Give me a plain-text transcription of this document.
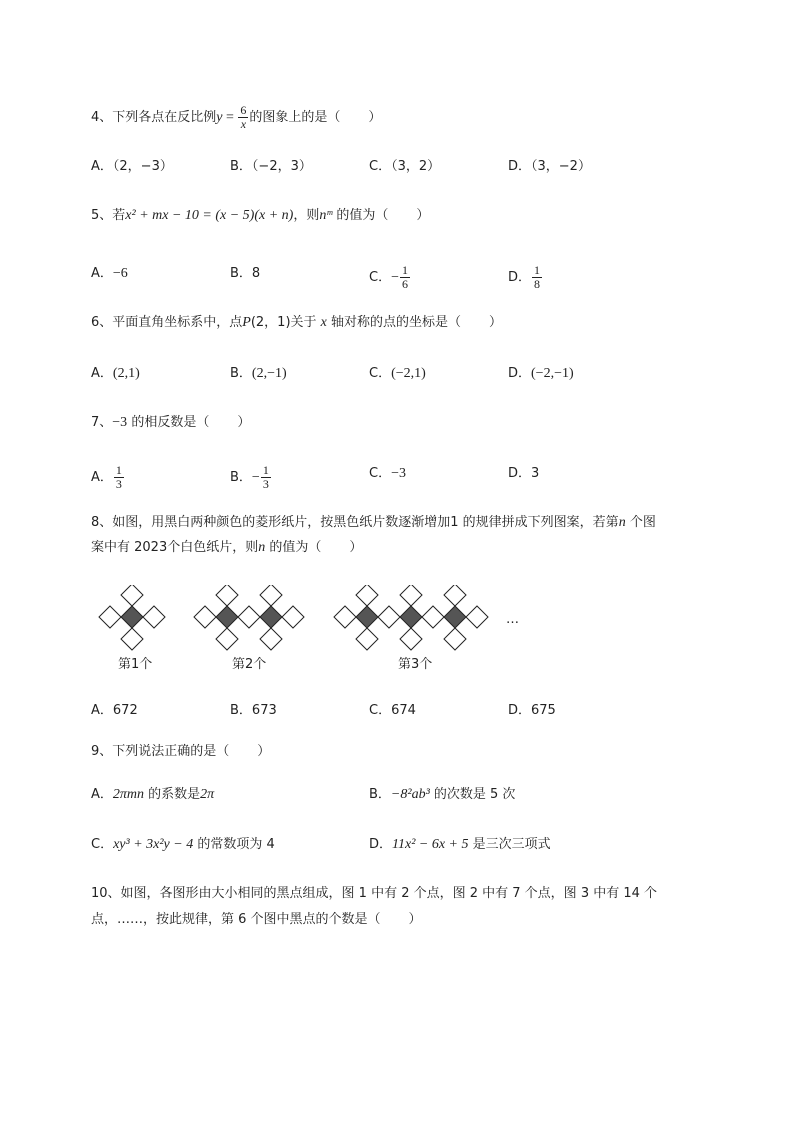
4、下列各点在反比例$y = \frac{6}{x}$ 的图象上的是（ ）
A．（2，−3）	B．（−2，3）	C．（3，2）	D．（3，−2）
5、若x² + mx − 10 = (x − 5)(x + n)，则nᵐ 的值为（ ）
A．−6	B．8	C．− $\frac{1}{6}$	D． $\frac{1}{8}$
6、平面直角坐标系中，点P(2，1)关于 x 轴对称的点的坐标是（ ）
A．(2,1)	B．(2,−1)	C．(−2,1)	D．(−2,−1)
7、−3 的相反数是（ ）
A． $\frac{1}{3}$	B．− $\frac{1}{3}$	C．−3	D．3
8、如图，用黑白两种颜色的菱形纸片，按黑色纸片数逐渐增加1 的规律拼成下列图案，若第n 个图
案中有 2023个白色纸片，则n 的值为（ ）
第1个	第2个	第3个
…
A．672	B．673	C．674	D．675
9、下列说法正确的是（ ）
A．2πmn 的系数是2π	B．−8²ab³ 的次数是 5 次
C．xy³ + 3x²y − 4 的常数项为 4	D．11x² − 6x + 5 是三次三项式
10、如图，各图形由大小相同的黑点组成，图 1 中有 2 个点，图 2 中有 7 个点，图 3 中有 14 个
点，……，按此规律，第 6 个图中黑点的个数是（ ）
